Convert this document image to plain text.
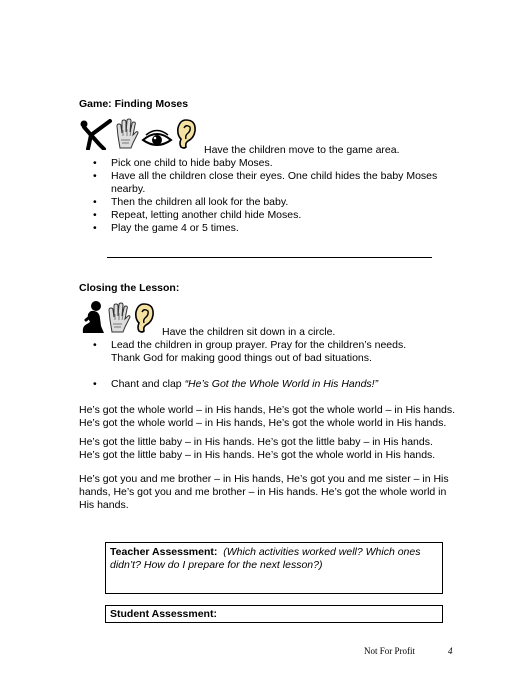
Game: Finding Moses
Have the children move to the game area.
• Pick one child to hide baby Moses.
• Have all the children close their eyes. One child hides the baby Moses nearby.
• Then the children all look for the baby.
• Repeat, letting another child hide Moses.
• Play the game 4 or 5 times.
Closing the Lesson:
Have the children sit down in a circle.
• Lead the children in group prayer. Pray for the children’s needs. Thank God for making good things out of bad situations.
• Chant and clap “He’s Got the Whole World in His Hands!”
He’s got the whole world – in His hands, He’s got the whole world – in His hands.
He’s got the whole world – in His hands, He’s got the whole world in His hands.
He’s got the little baby – in His hands. He’s got the little baby – in His hands.
He’s got the little baby – in His hands. He’s got the whole world in His hands.
He’s got you and me brother – in His hands, He’s got you and me sister – in His
hands, He’s got you and me brother – in His hands. He’s got the whole world in
His hands.
Teacher Assessment: (Which activities worked well? Which ones
didn’t? How do I prepare for the next lesson?)
Student Assessment:
Not For Profit	4
